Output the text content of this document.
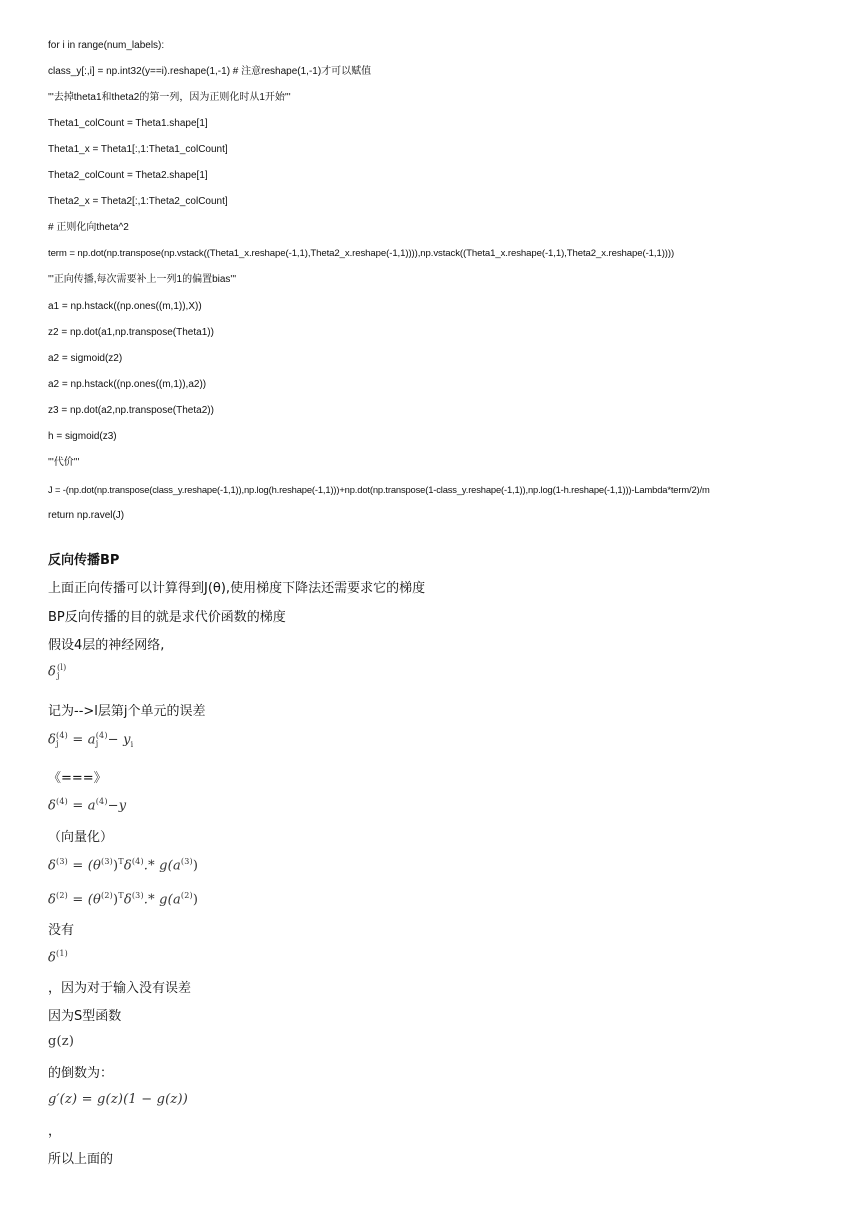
for i in range(num_labels):
class_y[:,i] = np.int32(y==i).reshape(1,-1) # 注意reshape(1,-1)才可以赋值
'''去掉theta1和theta2的第一列，因为正则化时从1开始'''
Theta1_colCount = Theta1.shape[1]
Theta1_x = Theta1[:,1:Theta1_colCount]
Theta2_colCount = Theta2.shape[1]
Theta2_x = Theta2[:,1:Theta2_colCount]
# 正则化向theta^2
term = np.dot(np.transpose(np.vstack((Theta1_x.reshape(-1,1),Theta2_x.reshape(-1,1)))),np.vstack((Theta1_x.reshape(-1,1),Theta2_x.reshape(-1,1))))
'''正向传播,每次需要补上一列1的偏置bias'''
a1 = np.hstack((np.ones((m,1)),X))
z2 = np.dot(a1,np.transpose(Theta1))
a2 = sigmoid(z2)
a2 = np.hstack((np.ones((m,1)),a2))
z3 = np.dot(a2,np.transpose(Theta2))
h = sigmoid(z3)
'''代价'''
J = -(np.dot(np.transpose(class_y.reshape(-1,1)),np.log(h.reshape(-1,1)))+np.dot(np.transpose(1-class_y.reshape(-1,1)),np.log(1-h.reshape(-1,1)))-Lambda*term/2)/m
return np.ravel(J)
反向传播BP
上面正向传播可以计算得到J(θ),使用梯度下降法还需要求它的梯度
BP反向传播的目的就是求代价函数的梯度
假设4层的神经网络,
δ (l)
j
记为-->l层第j个单元的误差
δ (4)
j	= a (4)
$j - y_i$
《===》
$\delta^{(4)} = a^{(4)}-y$
（向量化）
$\delta^{(3)} = (\theta^{(3)})^T\delta^{(4)}.*$ $g(a^{(3)})$
$\delta^{(2)} = (\theta^{(2)})^T\delta^{(3)}.*$ $g(a^{(2)})$
没有
$\delta^{(1)}$
，因为对于输入没有误差
因为S型函数
g(z)
的倒数为：
g′(z) = g(z)(1 − g(z))
，
所以上面的
